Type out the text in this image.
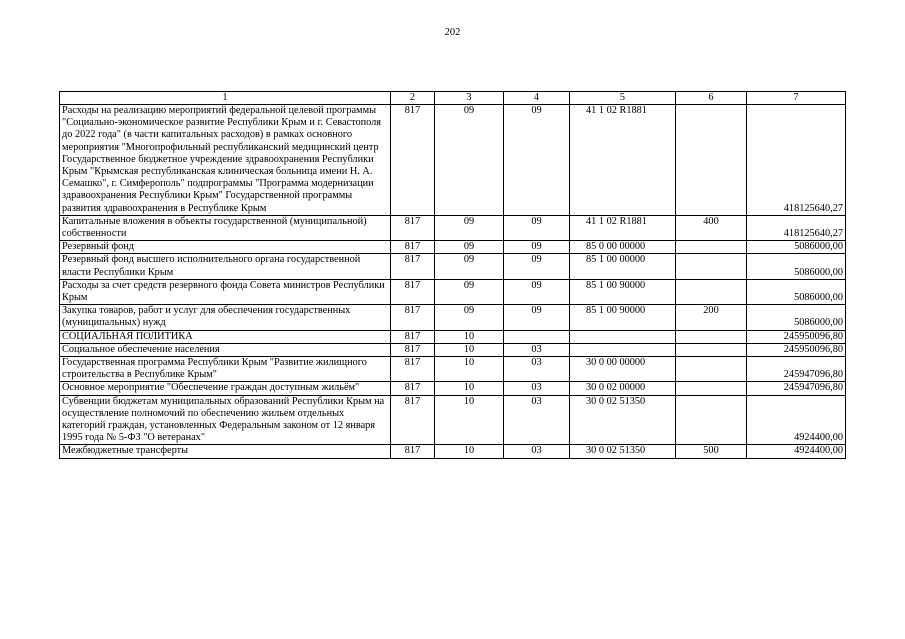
202
1	2	3	4	5	6	7
Расходы на реализацию мероприятий федеральной целевой программы "Социально-экономическое развитие Республики Крым и г. Севастополя до 2022 года" (в части капитальных расходов) в рамках основного мероприятия "Многопрофильный республиканский медицинский центр Государственное бюджетное учреждение здравоохранения Республики Крым "Крымская республиканская клиническая больница имени Н. А. Семашко", г. Симферополь" подпрограммы "Программа модернизации здравоохранения Республики Крым" Государственной программы развития здравоохранения в Республике Крым	817	09	09	41 1 02 R1881		418125640,27
Капитальные вложения в объекты государственной (муниципальной) собственности	817	09	09	41 1 02 R1881	400	418125640,27
Резервный фонд	817	09	09	85 0 00 00000		5086000,00
Резервный фонд высшего исполнительного органа государственной власти Республики Крым	817	09	09	85 1 00 00000		5086000,00
Расходы за счет средств резервного фонда Совета министров Республики Крым	817	09	09	85 1 00 90000		5086000,00
Закупка товаров, работ и услуг для обеспечения государственных (муниципальных) нужд	817	09	09	85 1 00 90000	200	5086000,00
СОЦИАЛЬНАЯ ПОЛИТИКА	817	10				245950096,80
Социальное обеспечение населения	817	10	03			245950096,80
Государственная программа Республики Крым "Развитие жилищного строительства в Республике Крым"	817	10	03	30 0 00 00000		245947096,80
Основное мероприятие "Обеспечение граждан доступным жильём"	817	10	03	30 0 02 00000		245947096,80
Субвенции бюджетам муниципальных образований Республики Крым на осуществление полномочий по обеспечению жильем отдельных категорий граждан, установленных Федеральным законом от 12 января 1995 года № 5-ФЗ "О ветеранах"	817	10	03	30 0 02 51350		4924400,00
Межбюджетные трансферты	817	10	03	30 0 02 51350	500	4924400,00
